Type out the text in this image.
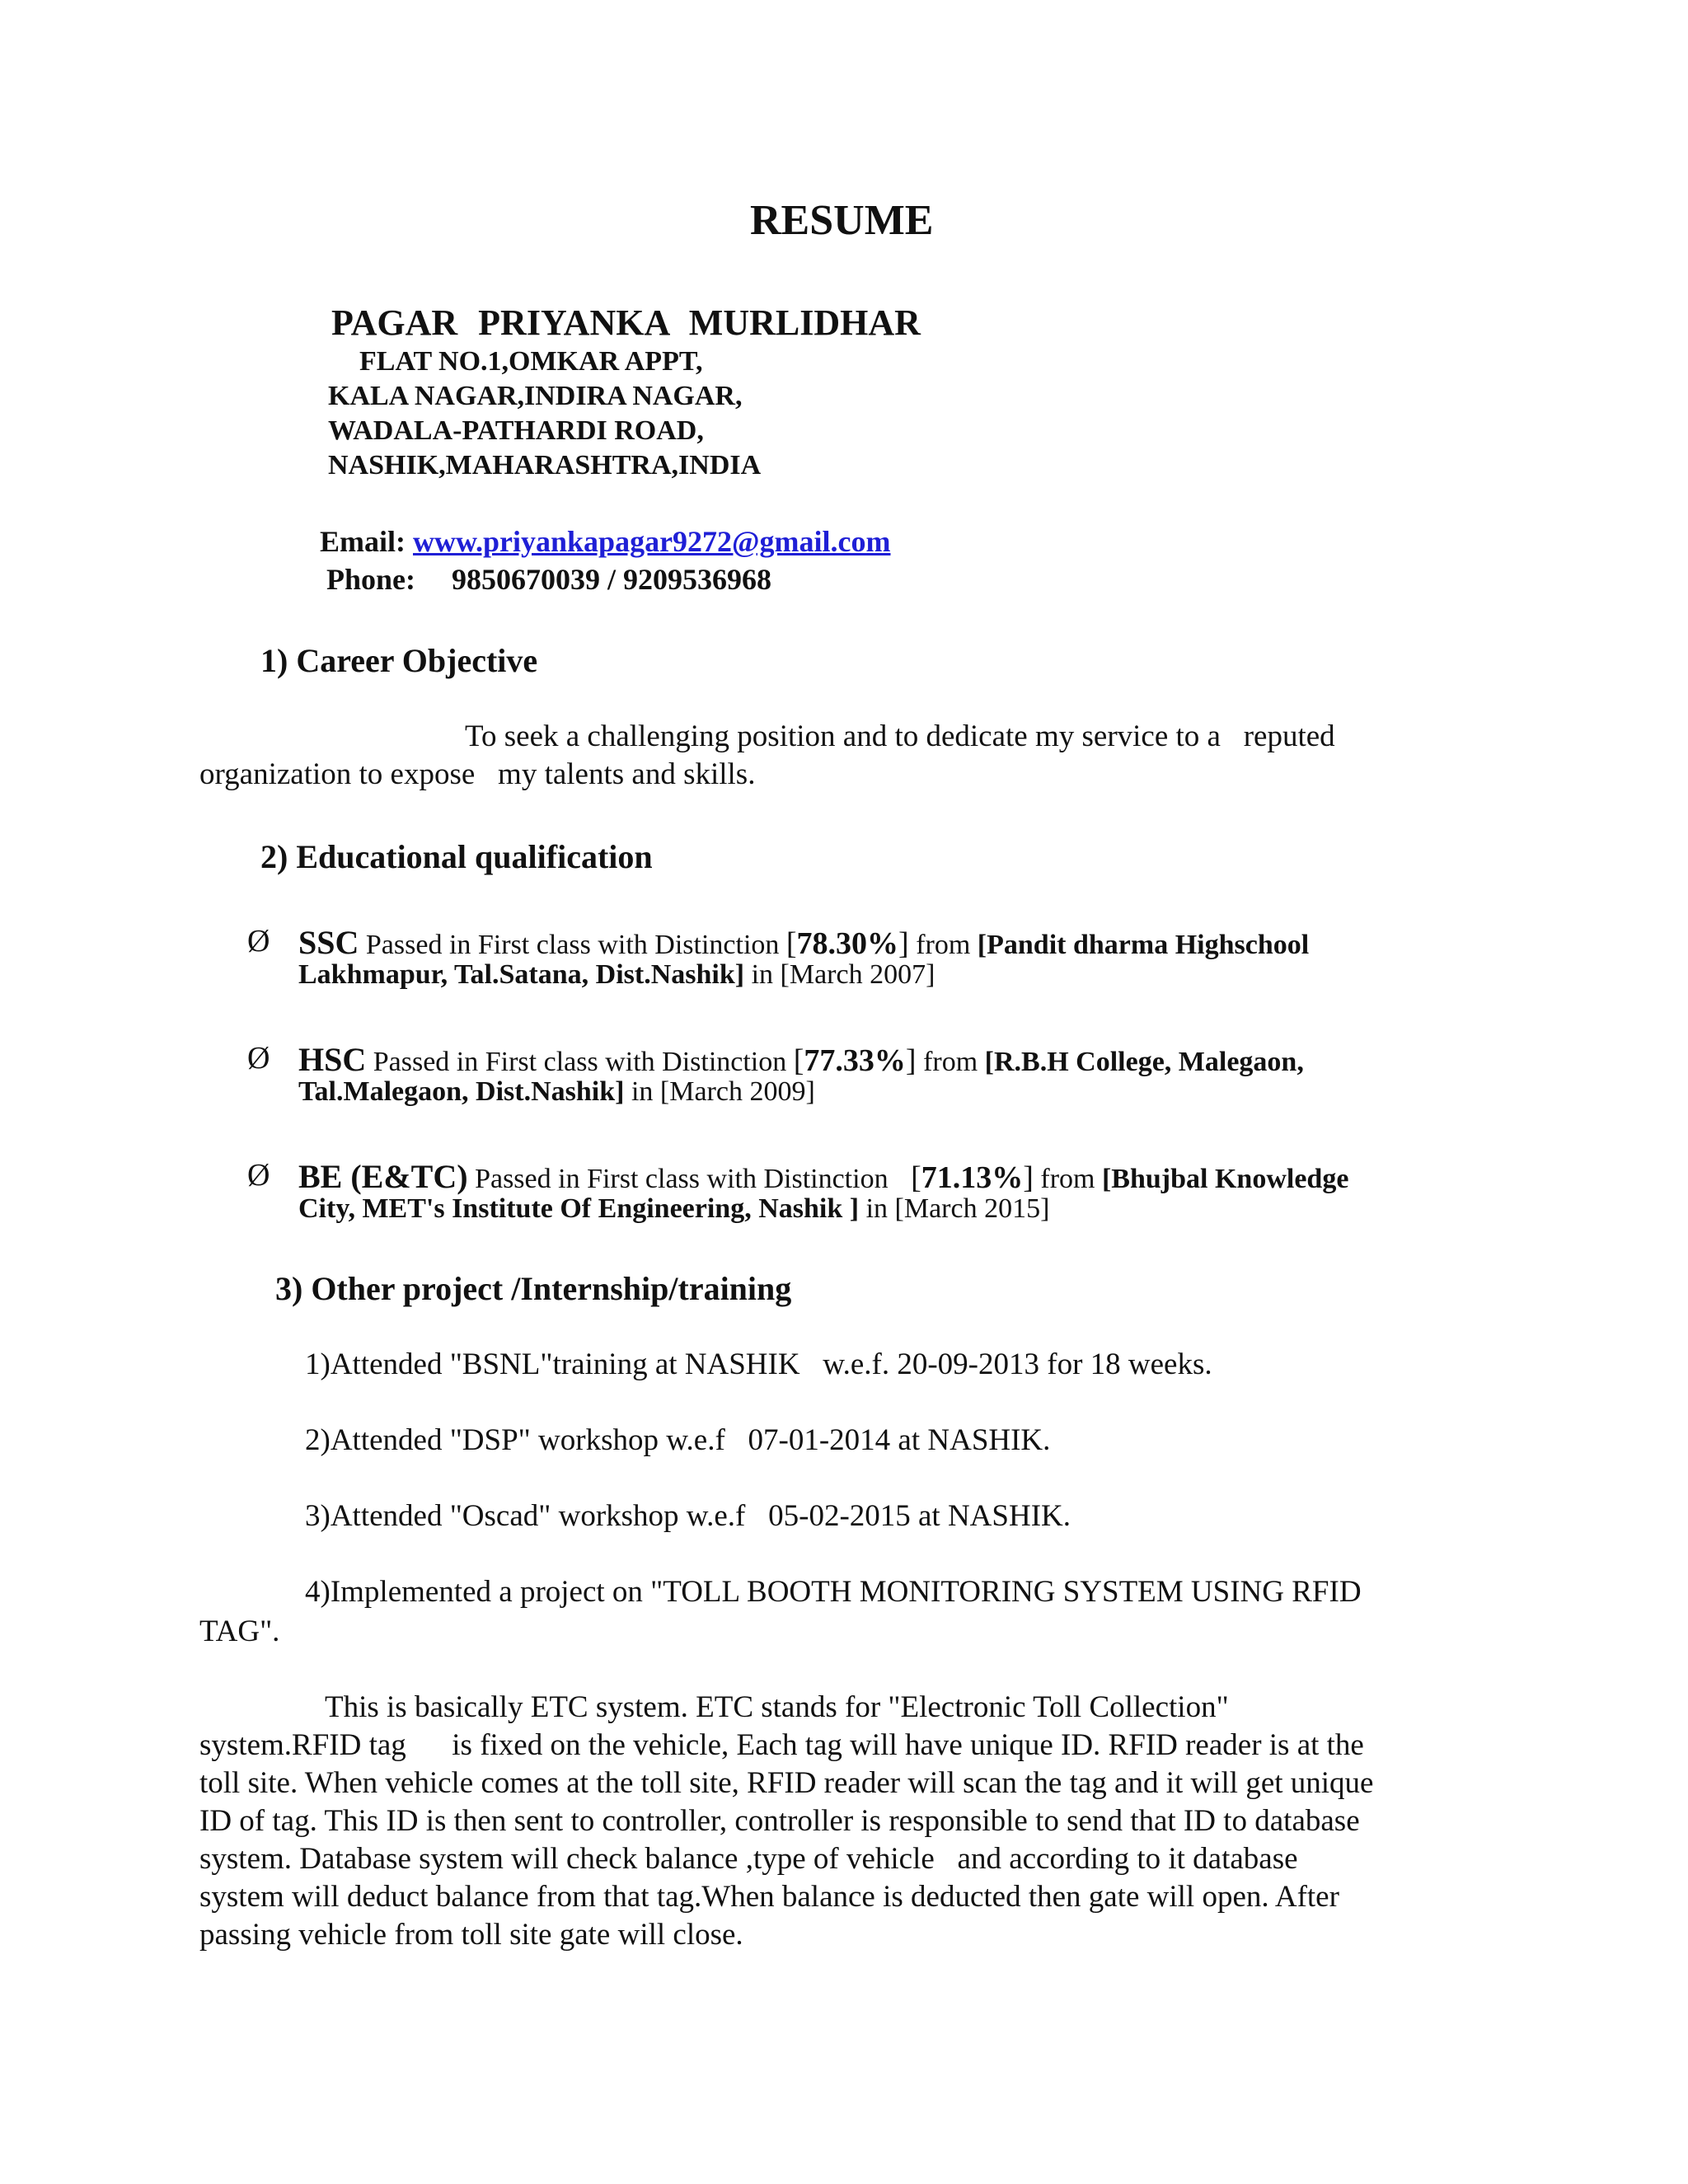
RESUME
PAGAR PRIYANKA MURLIDHAR
FLAT NO.1,OMKAR APPT,
KALA NAGAR,INDIRA NAGAR,
WADALA-PATHARDI ROAD,
NASHIK,MAHARASHTRA,INDIA
Email: www.priyankapagar9272@gmail.com
Phone: 9850670039 / 9209536968
1) Career Objective
To seek a challenging position and to dedicate my service to a   reputed
organization to expose   my talents and skills.
2) Educational qualification
Ø SSC Passed in First class with Distinction [78.30%] from [Pandit dharma Highschool
Lakhmapur, Tal.Satana, Dist.Nashik] in [March 2007]
Ø HSC Passed in First class with Distinction [77.33%] from [R.B.H College, Malegaon,
Tal.Malegaon, Dist.Nashik] in [March 2009]
Ø BE (E&TC) Passed in First class with Distinction   [71.13%] from [Bhujbal Knowledge
City, MET's Institute Of Engineering, Nashik ] in [March 2015]
3) Other project /Internship/training
1)Attended "BSNL"training at NASHIK   w.e.f. 20-09-2013 for 18 weeks.
2)Attended "DSP" workshop w.e.f   07-01-2014 at NASHIK.
3)Attended "Oscad" workshop w.e.f   05-02-2015 at NASHIK.
4)Implemented a project on "TOLL BOOTH MONITORING SYSTEM USING RFID
TAG".
This is basically ETC system. ETC stands for "Electronic Toll Collection"
system.RFID tag      is fixed on the vehicle, Each tag will have unique ID. RFID reader is at the
toll site. When vehicle comes at the toll site, RFID reader will scan the tag and it will get unique
ID of tag. This ID is then sent to controller, controller is responsible to send that ID to database
system. Database system will check balance ,type of vehicle   and according to it database
system will deduct balance from that tag.When balance is deducted then gate will open. After
passing vehicle from toll site gate will close.
